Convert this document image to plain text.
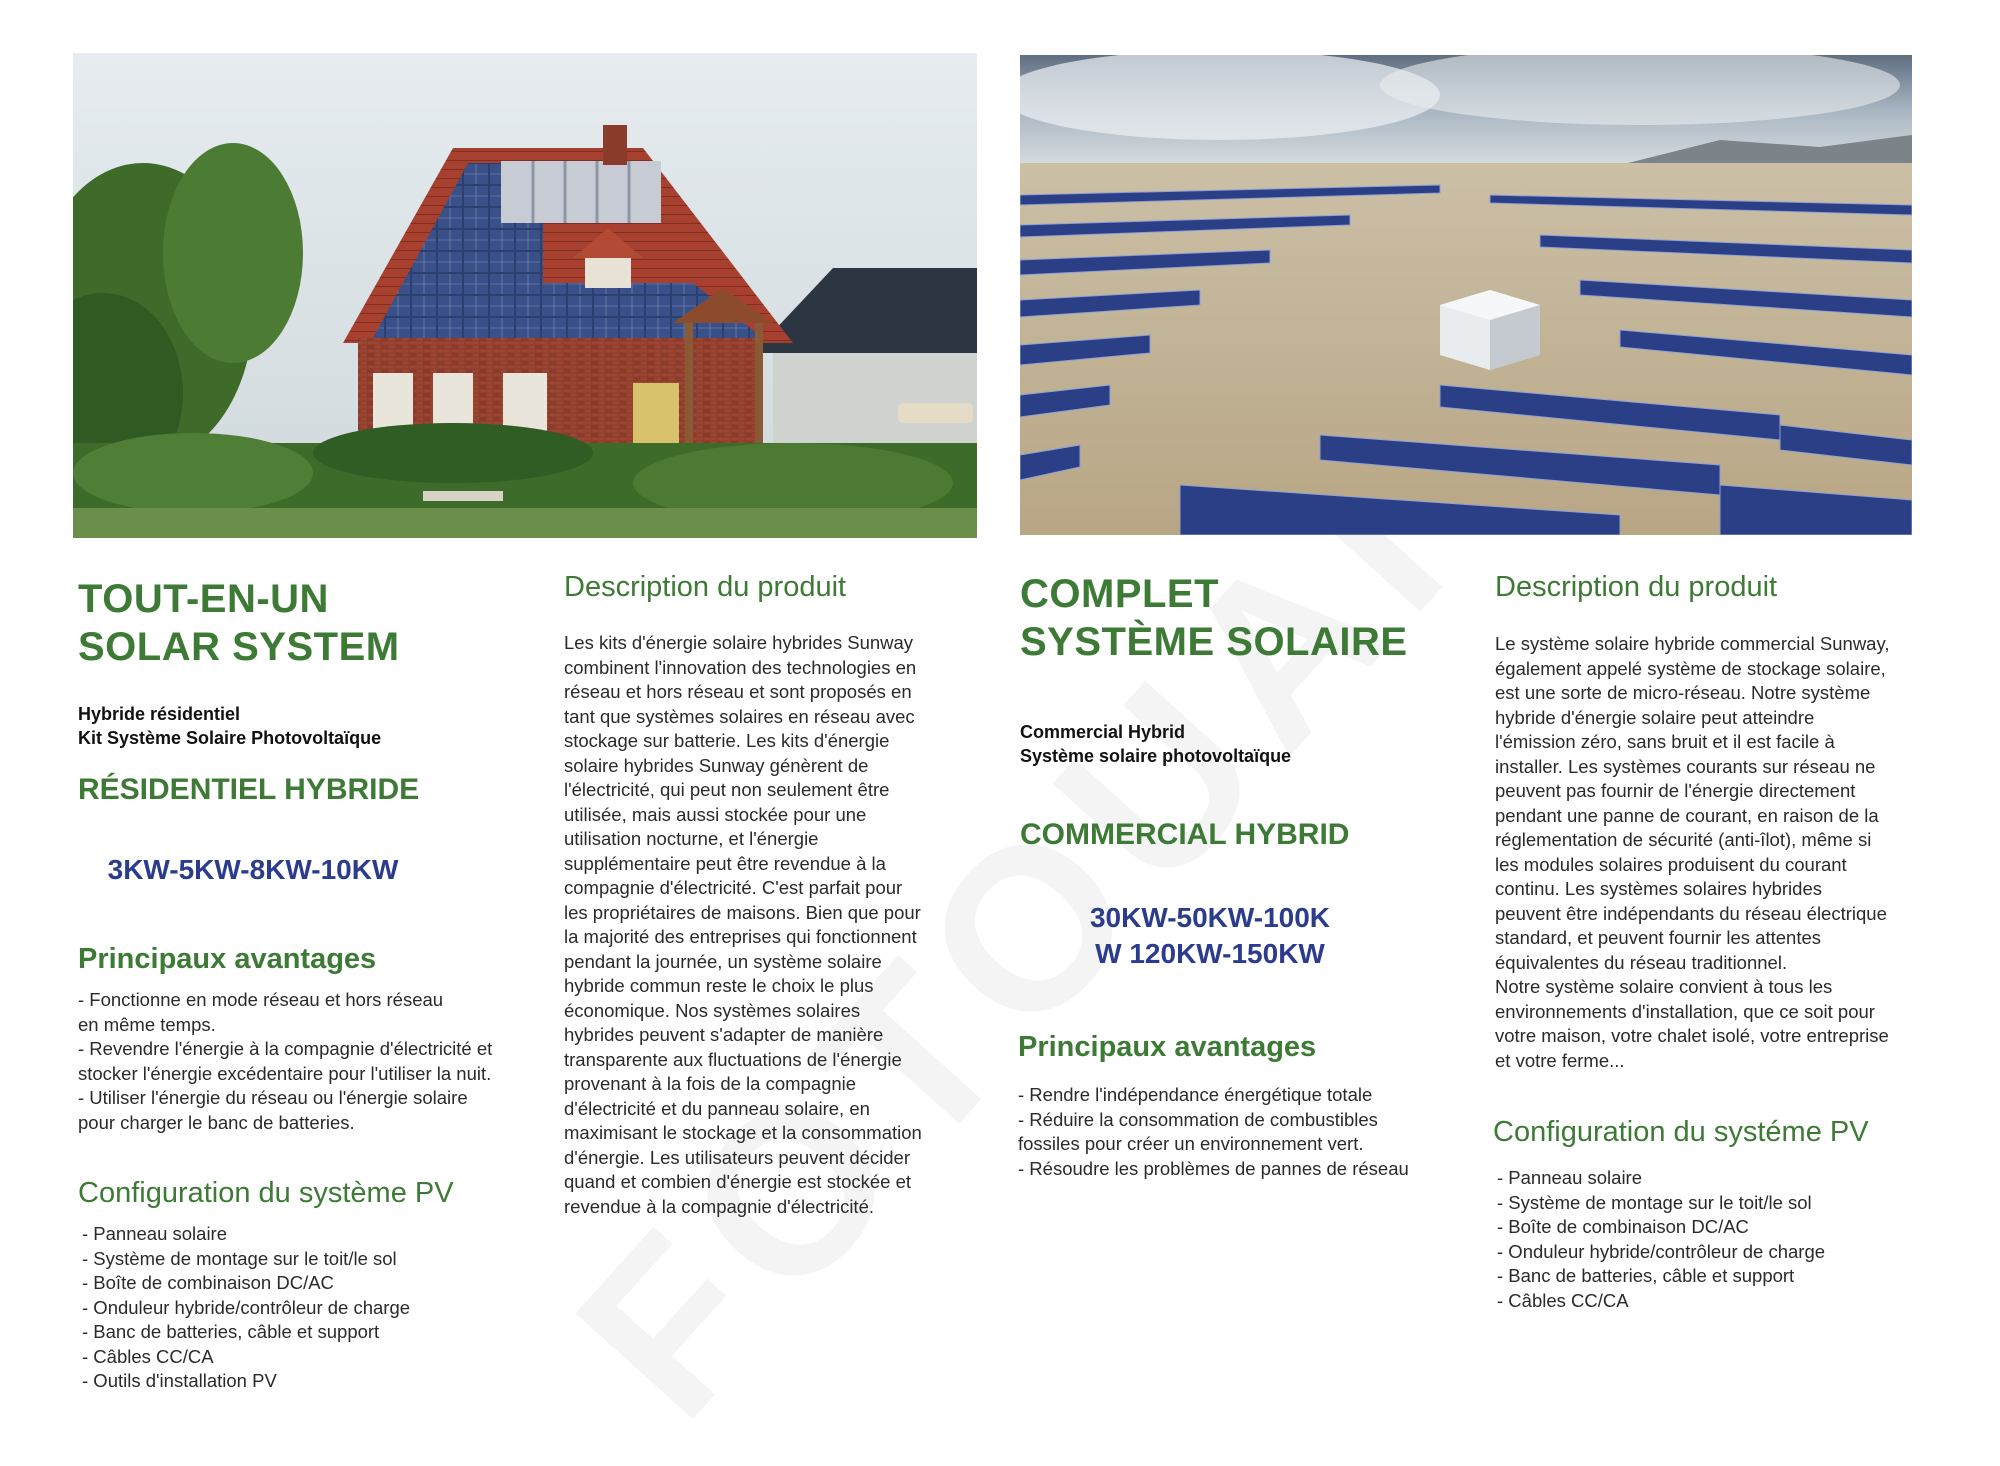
TOUT-EN-UN
SOLAR SYSTEM
Hybride résidentiel
Kit Système Solaire Photovoltaïque
RÉSIDENTIEL HYBRIDE
3KW-5KW-8KW-10KW
Principaux avantages
- Fonctionne en mode réseau et hors réseau
en même temps.
- Revendre l'énergie à la compagnie d'électricité et
stocker l'énergie excédentaire pour l'utiliser la nuit.
- Utiliser l'énergie du réseau ou l'énergie solaire
pour charger le banc de batteries.
Configuration du système PV
- Panneau solaire
- Système de montage sur le toit/le sol
- Boîte de combinaison DC/AC
- Onduleur hybride/contrôleur de charge
- Banc de batteries, câble et support
- Câbles CC/CA
- Outils d'installation PV
Description du produit
Les kits d'énergie solaire hybrides Sunway
combinent l'innovation des technologies en
réseau et hors réseau et sont proposés en
tant que systèmes solaires en réseau avec
stockage sur batterie. Les kits d'énergie
solaire hybrides Sunway génèrent de
l'électricité, qui peut non seulement être
utilisée, mais aussi stockée pour une
utilisation nocturne, et l'énergie
supplémentaire peut être revendue à la
compagnie d'électricité. C'est parfait pour
les propriétaires de maisons. Bien que pour
la majorité des entreprises qui fonctionnent
pendant la journée, un système solaire
hybride commun reste le choix le plus
économique. Nos systèmes solaires
hybrides peuvent s'adapter de manière
transparente aux fluctuations de l'énergie
provenant à la fois de la compagnie
d'électricité et du panneau solaire, en
maximisant le stockage et la consommation
d'énergie. Les utilisateurs peuvent décider
quand et combien d'énergie est stockée et
revendue à la compagnie d'électricité.
COMPLET
SYSTÈME SOLAIRE
Commercial Hybrid
Système solaire photovoltaïque
COMMERCIAL HYBRID
30KW-50KW-100K
W 120KW-150KW
Principaux avantages
- Rendre l'indépendance énergétique totale
- Réduire la consommation de combustibles
fossiles pour créer un environnement vert.
- Résoudre les problèmes de pannes de réseau
Description du produit
Le système solaire hybride commercial Sunway,
également appelé système de stockage solaire,
est une sorte de micro-réseau. Notre système
hybride d'énergie solaire peut atteindre
l'émission zéro, sans bruit et il est facile à
installer. Les systèmes courants sur réseau ne
peuvent pas fournir de l'énergie directement
pendant une panne de courant, en raison de la
réglementation de sécurité (anti-îlot), même si
les modules solaires produisent du courant
continu. Les systèmes solaires hybrides
peuvent être indépendants du réseau électrique
standard, et peuvent fournir les attentes
équivalentes du réseau traditionnel.
Notre système solaire convient à tous les
environnements d'installation, que ce soit pour
votre maison, votre chalet isolé, votre entreprise
et votre ferme...
Configuration du systéme PV
- Panneau solaire
- Système de montage sur le toit/le sol
- Boîte de combinaison DC/AC
- Onduleur hybride/contrôleur de charge
- Banc de batteries, câble et support
- Câbles CC/CA
